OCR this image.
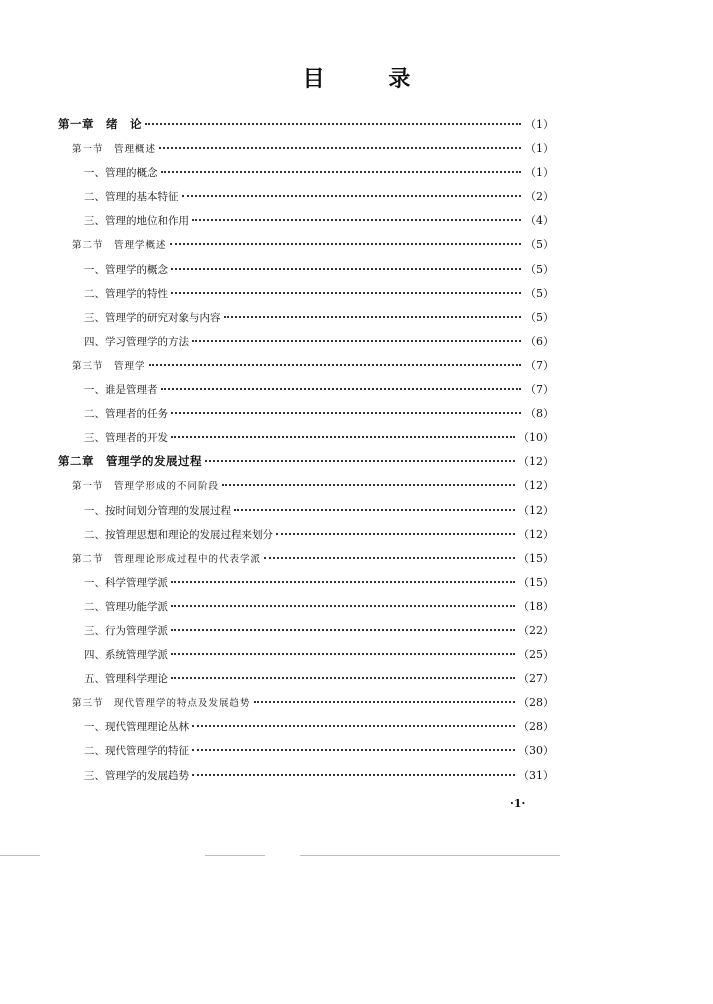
目 录
第一章　绪　论	（1）
第一节　管理概述	（1）
一、管理的概念	（1）
二、管理的基本特征	（2）
三、管理的地位和作用	（4）
第二节　管理学概述	（5）
一、管理学的概念	（5）
二、管理学的特性	（5）
三、管理学的研究对象与内容	（5）
四、学习管理学的方法	（6）
第三节　管理学	（7）
一、谁是管理者	（7）
二、管理者的任务	（8）
三、管理者的开发	（10）
第二章　管理学的发展过程	（12）
第一节　管理学形成的不同阶段	（12）
一、按时间划分管理的发展过程	（12）
二、按管理思想和理论的发展过程来划分	（12）
第二节　管理理论形成过程中的代表学派	（15）
一、科学管理学派	（15）
二、管理功能学派	（18）
三、行为管理学派	（22）
四、系统管理学派	（25）
五、管理科学理论	（27）
第三节　现代管理学的特点及发展趋势	（28）
一、现代管理理论丛林	（28）
二、现代管理学的特征	（30）
三、管理学的发展趋势	（31）
·1·
